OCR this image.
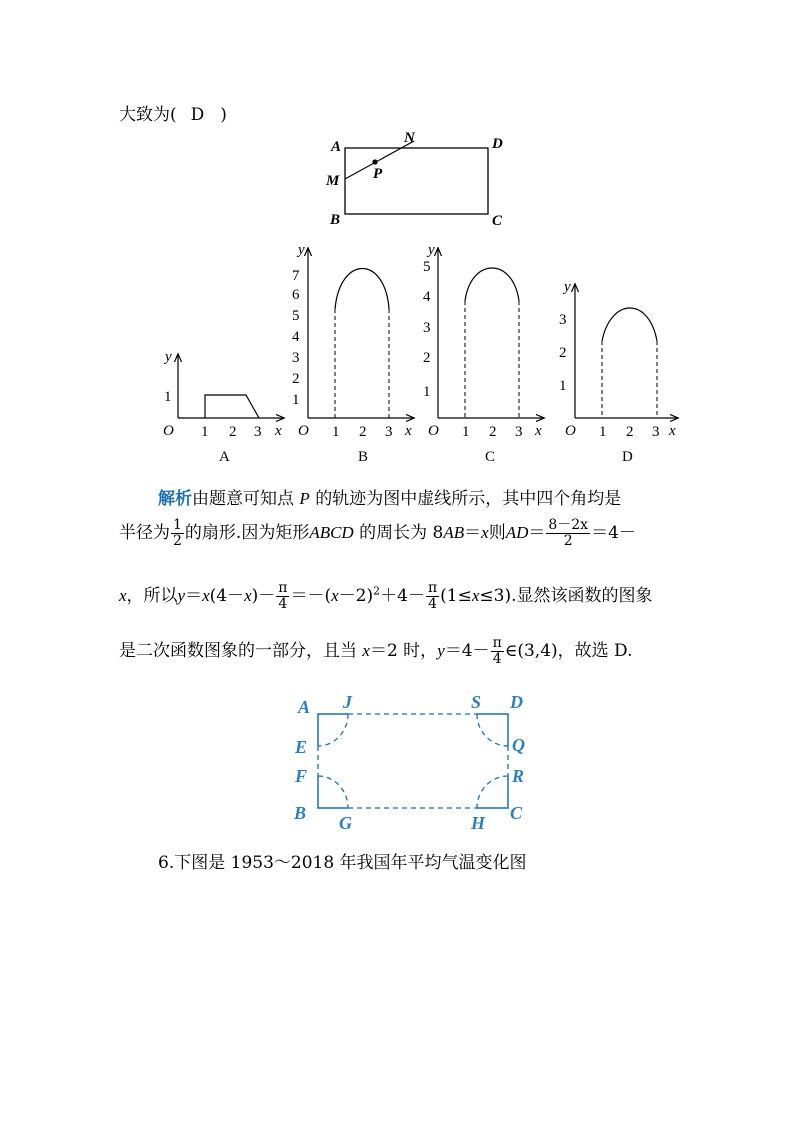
大致为( D )
A
N	D
M P
B	C
y
1
O 1 2 3 x
A
y
1
2
3
4
5
6
7
O 1 2 3 x
B
y
1
2
3
4
5
O 1 2 3 x
C
y
1
2
3
O 1 2 3 x
D
解析由题意可知点 P 的轨迹为图中虚线所示，其中四个角均是
半径为 $\frac{1}{2}$ 的扇形.因为矩形ABCD 的周长为 8AB＝x则$AD= \frac{8-2x}{2} =4-$
x，所以$y=x(4-x)- \frac{\pi}{4} =-(x-2)^2+4- \frac{\pi}{4} (1\le x\le 3)$.显然该函数的图象
是二次函数图象的一部分，且当 x＝2 时，$y=4- \frac{\pi}{4}$ ∈(3,4)，故选 D.
A J	S D
E	Q
F	R
B G	H C
6.下图是 1953～2018 年我国年平均气温变化图
